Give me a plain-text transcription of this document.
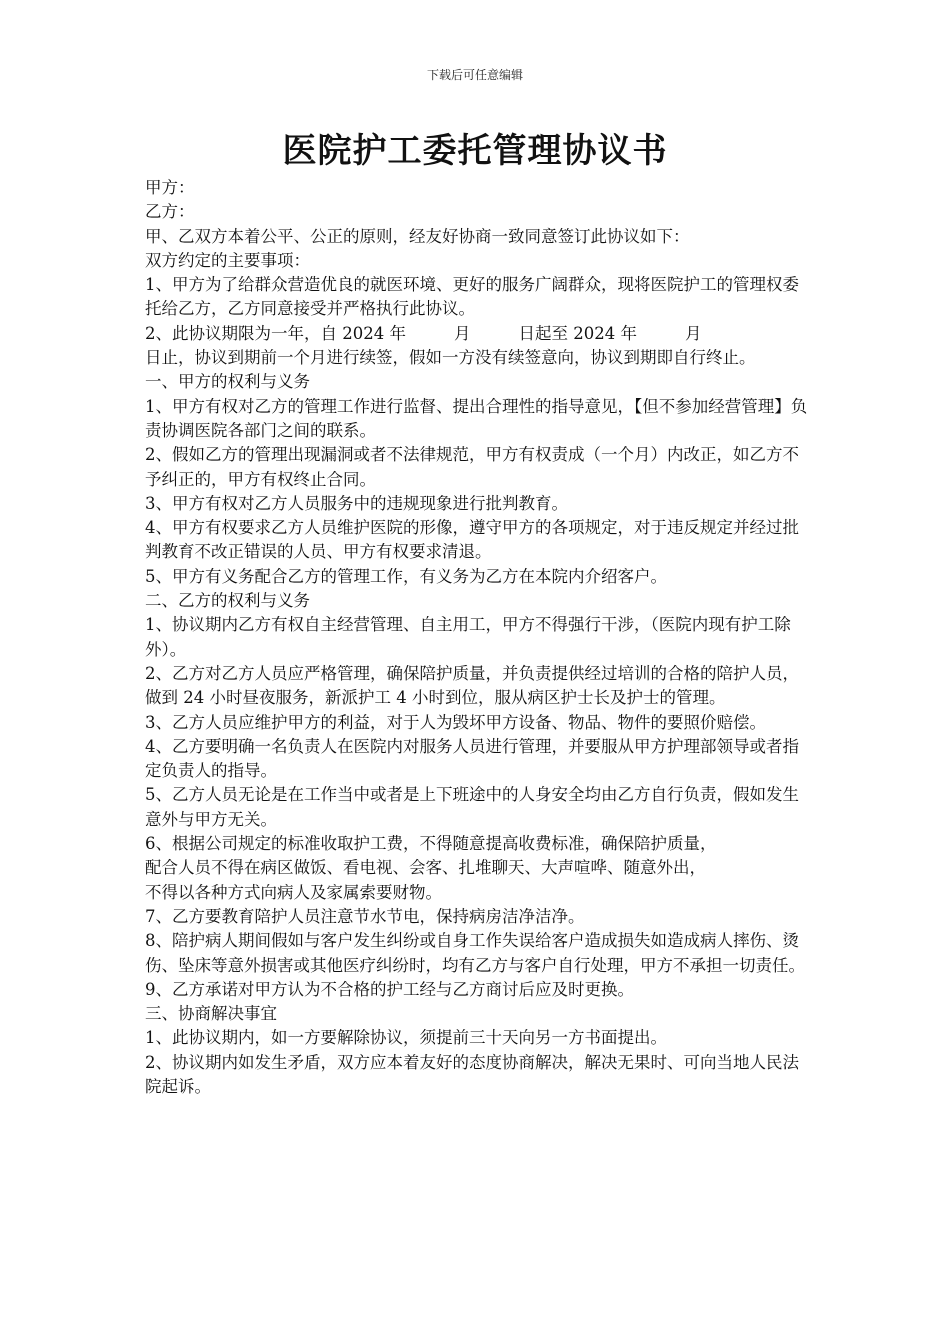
下载后可任意编辑
医院护工委托管理协议书

甲方：

乙方：

甲、乙双方本着公平、公正的原则，经友好协商一致同意签订此协议如下：

双方约定的主要事项：

1、甲方为了给群众营造优良的就医环境、更好的服务广阔群众，现将医院护工的管理权委托给乙方，乙方同意接受并严格执行此协议。

2、此协议期限为一年，自 2024 年	月	日起至 2024 年	月
日止，协议到期前一个月进行续签，假如一方没有续签意向，协议到期即自行终止。

一、甲方的权利与义务

1、甲方有权对乙方的管理工作进行监督、提出合理性的指导意见，【但不参加经营管理】负责协调医院各部门之间的联系。

2、假如乙方的管理出现漏洞或者不法律规范，甲方有权责成（一个月）内改正，如乙方不予纠正的，甲方有权终止合同。

3、甲方有权对乙方人员服务中的违规现象进行批判教育。

4、甲方有权要求乙方人员维护医院的形像，遵守甲方的各项规定，对于违反规定并经过批判教育不改正错误的人员、甲方有权要求清退。

5、甲方有义务配合乙方的管理工作，有义务为乙方在本院内介绍客户。

二、乙方的权利与义务

1、协议期内乙方有权自主经营管理、自主用工，甲方不得强行干涉，（医院内现有护工除外）。

2、乙方对乙方人员应严格管理，确保陪护质量，并负责提供经过培训的合格的陪护人员，做到 24 小时昼夜服务，新派护工 4 小时到位，服从病区护士长及护士的管理。

3、乙方人员应维护甲方的利益，对于人为毁坏甲方设备、物品、物件的要照价赔偿。

4、乙方要明确一名负责人在医院内对服务人员进行管理，并要服从甲方护理部领导或者指定负责人的指导。

5、乙方人员无论是在工作当中或者是上下班途中的人身安全均由乙方自行负责，假如发生意外与甲方无关。

6、根据公司规定的标准收取护工费，不得随意提高收费标准，确保陪护质量，

配合人员不得在病区做饭、看电视、会客、扎堆聊天、大声喧哗、随意外出，

不得以各种方式向病人及家属索要财物。

7、乙方要教育陪护人员注意节水节电，保持病房洁净洁净。

8、陪护病人期间假如与客户发生纠纷或自身工作失误给客户造成损失如造成病人摔伤、烫伤、坠床等意外损害或其他医疗纠纷时，均有乙方与客户自行处理，甲方不承担一切责任。

9、乙方承诺对甲方认为不合格的护工经与乙方商讨后应及时更换。

三、协商解决事宜

1、此协议期内，如一方要解除协议，须提前三十天向另一方书面提出。

2、协议期内如发生矛盾，双方应本着友好的态度协商解决，解决无果时、可向当地人民法院起诉。
